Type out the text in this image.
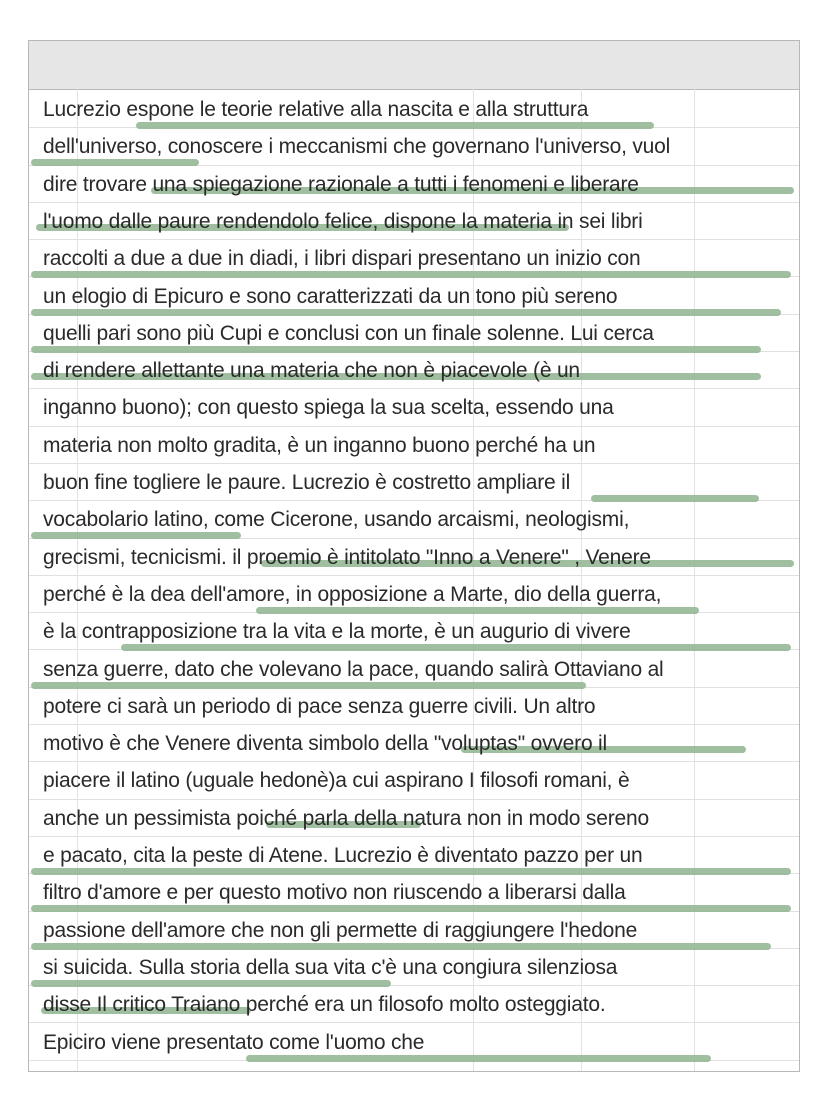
Lucrezio espone le teorie relative alla nascita e alla struttura
dell'universo, conoscere i meccanismi che governano l'universo, vuol
dire trovare una spiegazione razionale a tutti i fenomeni e liberare
l'uomo dalle paure rendendolo felice, dispone la materia in sei libri
raccolti a due a due in diadi, i libri dispari presentano un inizio con
un elogio di Epicuro e sono caratterizzati da un tono più sereno
quelli pari sono più Cupi e conclusi con un finale solenne. Lui cerca
di rendere allettante una materia che non è piacevole (è un
inganno buono); con questo spiega la sua scelta, essendo una
materia non molto gradita, è un inganno buono perché ha un
buon fine togliere le paure. Lucrezio è costretto ampliare il
vocabolario latino, come Cicerone, usando arcaismi, neologismi,
grecismi, tecnicismi. il proemio è intitolato "Inno a Venere" , Venere
perché è la dea dell'amore, in opposizione a Marte, dio della guerra,
è la contrapposizione tra la vita e la morte, è un augurio di vivere
senza guerre, dato che volevano la pace, quando salirà Ottaviano al
potere ci sarà un periodo di pace senza guerre civili. Un altro
motivo è che Venere diventa simbolo della "voluptas" ovvero il
piacere il latino (uguale hedonè)a cui aspirano I filosofi romani, è
anche un pessimista poiché parla della natura non in modo sereno
e pacato, cita la peste di Atene. Lucrezio è diventato pazzo per un
filtro d'amore e per questo motivo non riuscendo a liberarsi dalla
passione dell'amore che non gli permette di raggiungere l'hedone
si suicida. Sulla storia della sua vita c'è una congiura silenziosa
disse Il critico Traiano perché era un filosofo molto osteggiato.
Epiciro viene presentato come l'uomo che
